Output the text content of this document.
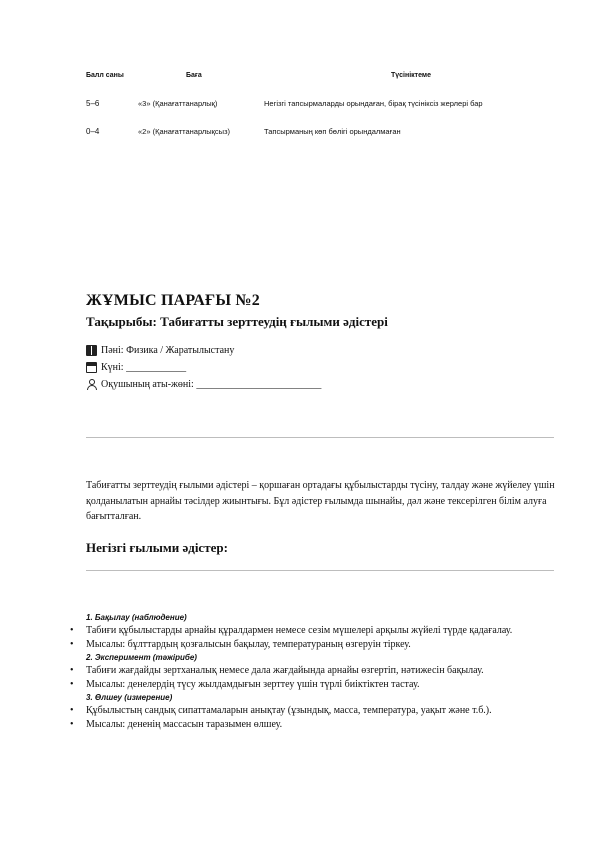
Балл саны	Баға	Түсініктеме
5–6	«3» (Қанағаттанарлық)	Негізгі тапсырмаларды орындаған, бірақ түсініксіз жерлері бар
0–4	«2» (Қанағаттанарлықсыз)	Тапсырманың көп бөлігі орындалмаған
ЖҰМЫС ПАРАҒЫ №2
Тақырыбы: Табиғатты зерттеудің ғылыми әдістері
Пәні: Физика / Жаратылыстану
Күні: ____________
Оқушының аты-жөні: _________________________
Табиғатты зерттеудің ғылыми әдістері – қоршаған ортадағы құбылыстарды түсіну, талдау және жүйелеу үшін қолданылатын арнайы тәсілдер жиынтығы. Бұл әдістер ғылымда шынайы, дәл және тексерілген білім алуға бағытталған.
Негізгі ғылыми әдістер:
1. Бақылау (наблюдение)
• Табиғи құбылыстарды арнайы құралдармен немесе сезім мүшелері арқылы жүйелі түрде қадағалау.
• Мысалы: бұлттардың қозғалысын бақылау, температураның өзгеруін тіркеу.
2. Эксперимент (тәжірибе)
• Табиғи жағдайды зертханалық немесе дала жағдайында арнайы өзгертіп, нәтижесін бақылау.
• Мысалы: денелердің түсу жылдамдығын зерттеу үшін түрлі биіктіктен тастау.
3. Өлшеу (измерение)
• Құбылыстың сандық сипаттамаларын анықтау (ұзындық, масса, температура, уақыт және т.б.).
• Мысалы: дененің массасын таразымен өлшеу.
